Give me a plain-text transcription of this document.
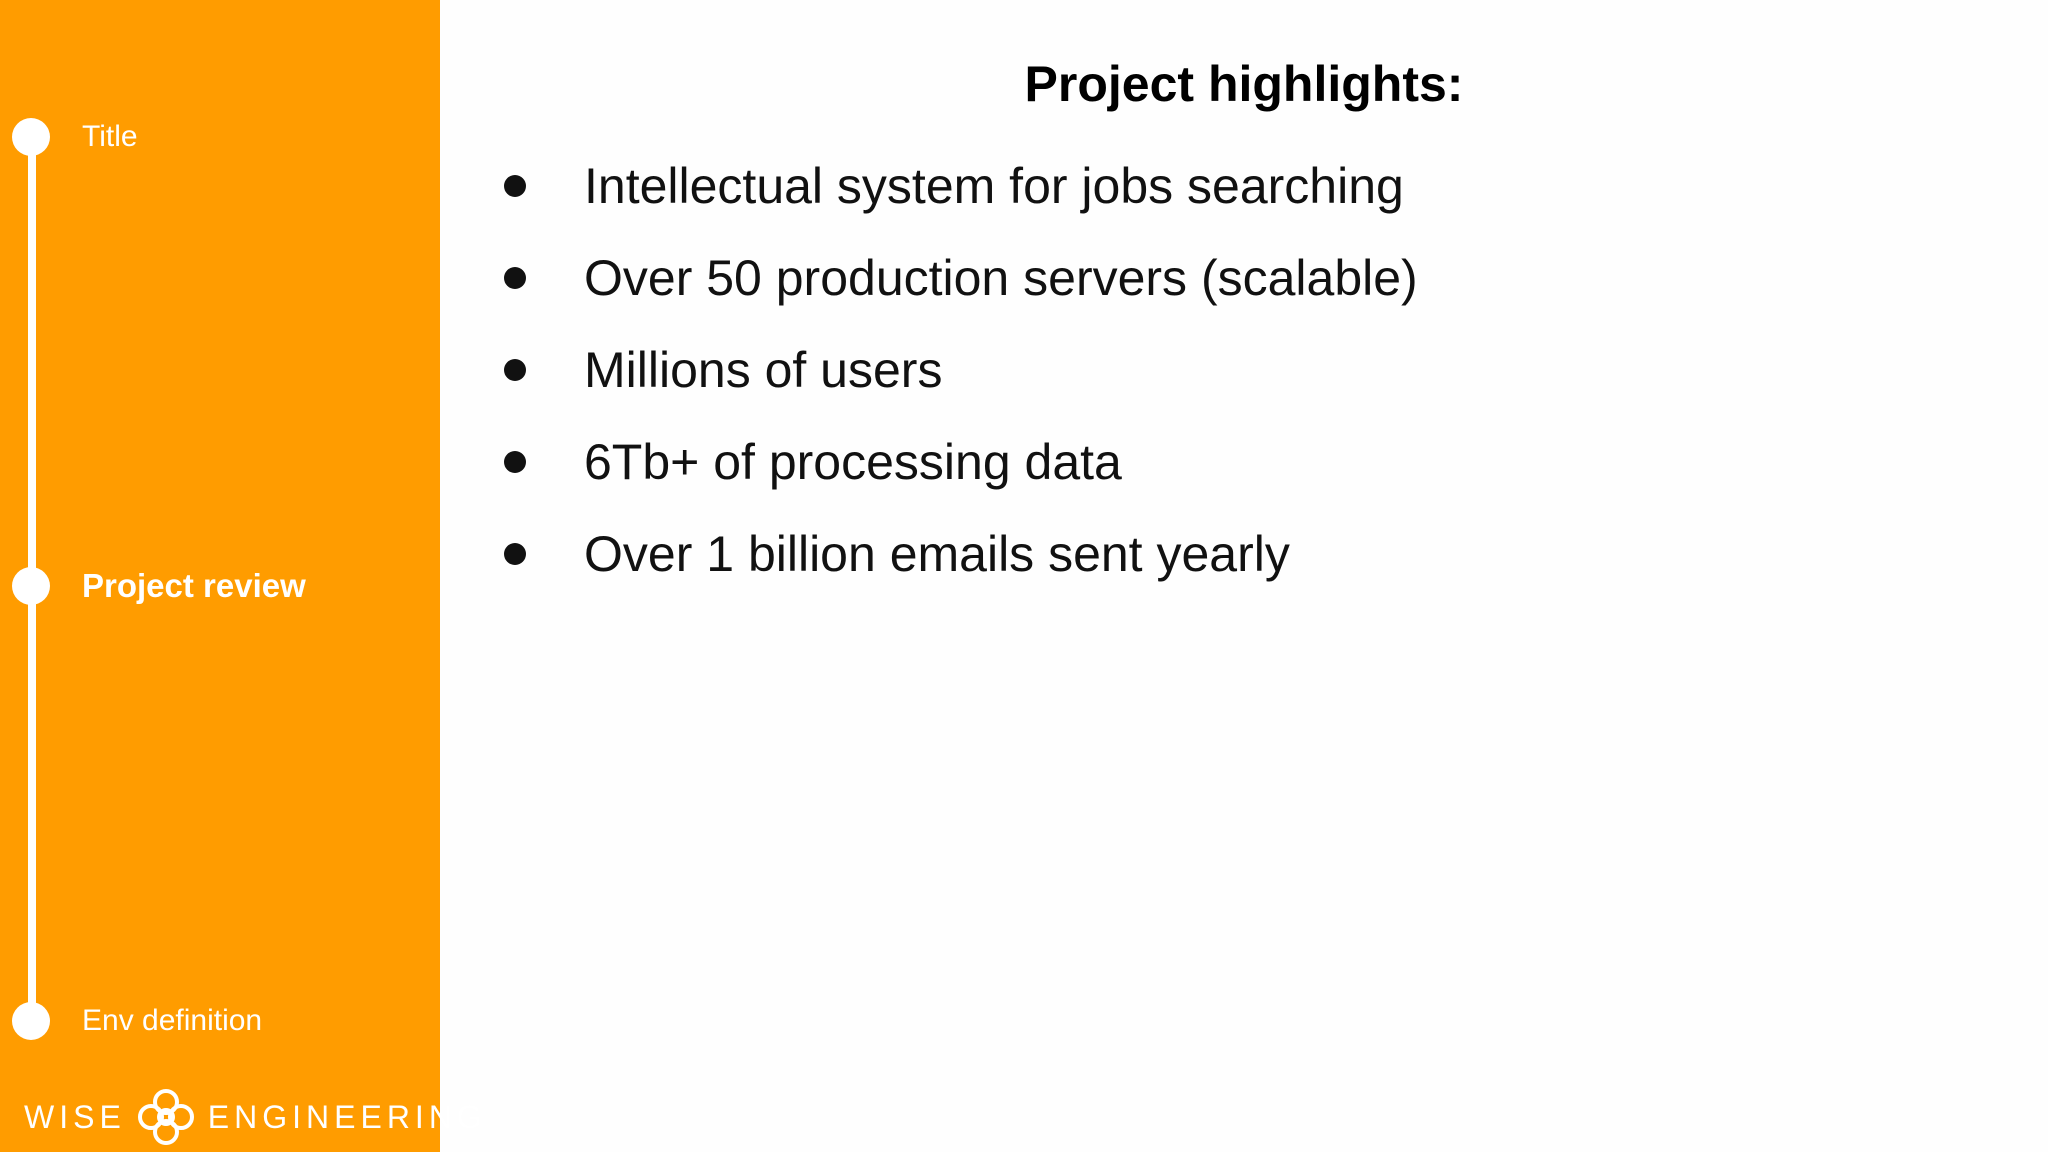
Title
Project review
Env definition
WISE	ENGINEERING
Project highlights:
Intellectual system for jobs searching
Over 50 production servers (scalable)
Millions of users
6Tb+ of processing data
Over 1 billion emails sent yearly
